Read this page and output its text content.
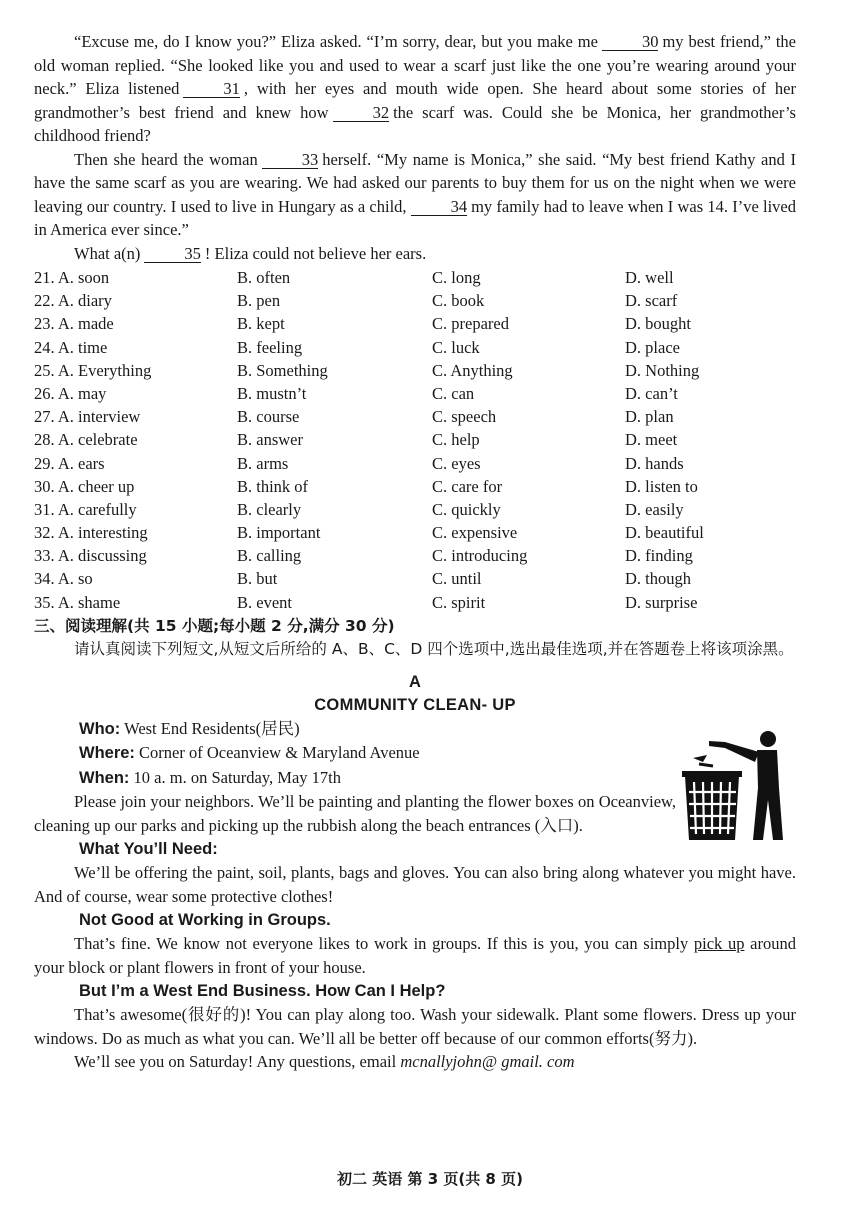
“Excuse me, do I know you?” Eliza asked. “I’m sorry, dear, but you make me	30 my best friend,” the old woman replied. “She looked like you and used to wear a scarf just like the one you’re wearing around your neck.” Eliza listened	31 , with her eyes and mouth wide open. She heard about some stories of her grandmother’s best friend and knew how	32 the scarf was. Could she be Monica, her grandmother’s childhood friend?

Then she heard the woman	33 herself. “My name is Monica,” she said. “My best friend Kathy and I have the same scarf as you are wearing. We had asked our parents to buy them for us on the night when we were leaving our country. I used to live in Hungary as a child,	34 my family had to leave when I was 14. I’ve lived in America ever since.”

What a(n)	35 ! Eliza could not believe her ears.

21. A. soon	B. often	C. long	D. well
22. A. diary	B. pen	C. book	D. scarf
23. A. made	B. kept	C. prepared	D. bought
24. A. time	B. feeling	C. luck	D. place
25. A. Everything	B. Something	C. Anything	D. Nothing
26. A. may	B. mustn’t	C. can	D. can’t
27. A. interview	B. course	C. speech	D. plan
28. A. celebrate	B. answer	C. help	D. meet
29. A. ears	B. arms	C. eyes	D. hands
30. A. cheer up	B. think of	C. care for	D. listen to
31. A. carefully	B. clearly	C. quickly	D. easily
32. A. interesting	B. important	C. expensive	D. beautiful
33. A. discussing	B. calling	C. introducing	D. finding
34. A. so	B. but	C. until	D. though
35. A. shame	B. event	C. spirit	D. surprise
三、阅读理解(共 15 小题;每小题 2 分,满分 30 分)
请认真阅读下列短文,从短文后所给的 A、B、C、D 四个选项中,选出最佳选项,并在答题卷上将该项涂黑。
A
COMMUNITY CLEAN- UP
Who: West End Residents(居民)
Where: Corner of Oceanview & Maryland Avenue
When: 10 a. m. on Saturday, May 17th

Please join your neighbors. We’ll be painting and planting the flower boxes on Oceanview, cleaning up our parks and picking up the rubbish along the beach entrances (入口).

What You’ll Need:

We’ll be offering the paint, soil, plants, bags and gloves. You can also bring along whatever you might have. And of course, wear some protective clothes!

Not Good at Working in Groups.

That’s fine. We know not everyone likes to work in groups. If this is you, you can simply pick up around your block or plant flowers in front of your house.

But I’m a West End Business. How Can I Help?

That’s awesome(很好的)! You can play along too. Wash your sidewalk. Plant some flowers. Dress up your windows. Do as much as what you can. We’ll all be better off because of our common efforts(努力).

We’ll see you on Saturday! Any questions, email mcnallyjohn@ gmail. com

初二 英语 第 3 页(共 8 页)
